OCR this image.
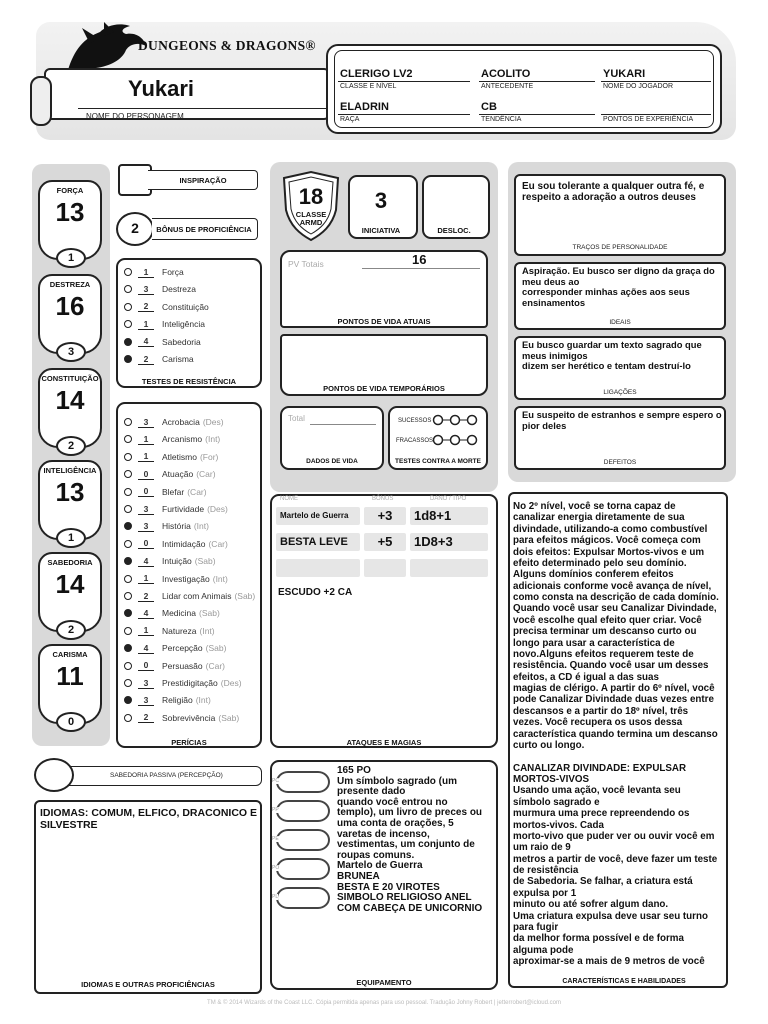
DUNGEONS & DRAGONS®
Yukari
NOME DO PERSONAGEM
CLERIGO LV2
CLASSE E NÍVEL
ACOLITO
ANTECEDENTE
YUKARI
NOME DO JOGADOR
ELADRIN
RAÇA
CB
TENDÊNCIA	PONTOS DE EXPERIÊNCIA
FORÇA
13
1
DESTREZA
16
3
CONSTITUIÇÃO
14
2
INTELIGÊNCIA
13
1
SABEDORIA
14
2
CARISMA
11
0
INSPIRAÇÃO
2	BÔNUS DE PROFICIÊNCIA
1	Força
3	Destreza
2	Constituição
1	Inteligência
4	Sabedoria
2	Carisma
TESTES DE RESISTÊNCIA
3	Acrobacia (Des)
1	Arcanismo (Int)
1	Atletismo (For)
0	Atuação (Car)
0	Blefar (Car)
3	Furtividade (Des)
3	História (Int)
0	Intimidação (Car)
4	Intuição (Sab)
1	Investigação (Int)
2	Lidar com Animais (Sab)
4	Medicina (Sab)
1	Natureza (Int)
4	Percepção (Sab)
0	Persuasão (Car)
3	Prestidigitação (Des)
3	Religião (Int)
2	Sobrevivência (Sab)
PERÍCIAS
SABEDORIA PASSIVA (PERCEPÇÃO)
IDIOMAS: COMUM, ELFICO, DRACONICO E SILVESTRE
IDIOMAS E OUTRAS PROFICIÊNCIAS
18
CLASSE ARMD
3
INICIATIVA	DESLOC.
PV Totais	16
PONTOS DE VIDA ATUAIS
PONTOS DE VIDA TEMPORÁRIOS
Total
DADOS DE VIDA
SUCESSOS
FRACASSOS
TESTES CONTRA A MORTE
NOME	BÔNUS	DANO / TIPO
Martelo de Guerra	+3	1d8+1
BESTA LEVE	+5	1D8+3
ESCUDO +2 CA
ATAQUES E MAGIAS
PC
PP
PE
PO
PL
165 PO
Um símbolo sagrado (um
presente dado
quando você entrou no
templo), um livro de preces ou
uma conta de orações, 5
varetas de incenso,
vestimentas, um conjunto de
roupas comuns.
Martelo de Guerra
BRUNEA
BESTA E 20 VIROTES
SIMBOLO RELIGIOSO ANEL
COM CABEÇA DE UNICORNIO
EQUIPAMENTO
Eu sou tolerante a qualquer outra fé, e respeito a adoração a outros deuses
TRAÇOS DE PERSONALIDADE
Aspiração. Eu busco ser digno da graça do meu deus ao
corresponder minhas ações aos seus ensinamentos
IDEAIS
Eu busco guardar um texto sagrado que meus inimigos
dizem ser herético e tentam destruí-lo
LIGAÇÕES
Eu suspeito de estranhos e sempre espero o pior deles
DEFEITOS
No 2º nível, você se torna capaz de
canalizar energia diretamente de sua
divindade, utilizando-a como combustível
para efeitos mágicos. Você começa com
dois efeitos: Expulsar Mortos-vivos e um
efeito determinado pelo seu domínio.
Alguns domínios conferem efeitos
adicionais conforme você avança de nível,
como consta na descrição de cada domínio.
Quando você usar seu Canalizar Divindade,
você escolhe qual efeito quer criar. Você
precisa terminar um descanso curto ou
longo para usar a característica de
novo.Alguns efeitos requerem teste de
resistência. Quando você usar um desses
efeitos, a CD é igual a das suas
magias de clérigo. A partir do 6º nível, você
pode Canalizar Divindade duas vezes entre
descansos e a partir do 18º nível, três
vezes. Você recupera os usos dessa
característica quando termina um descanso
curto ou longo.
CANALIZAR DIVINDADE: EXPULSAR
MORTOS-VIVOS
Usando uma ação, você levanta seu
símbolo sagrado e
murmura uma prece repreendendo os
mortos-vivos. Cada
morto-vivo que puder ver ou ouvir você em
um raio de 9
metros a partir de você, deve fazer um teste
de resistência
de Sabedoria. Se falhar, a criatura está
expulsa por 1
minuto ou até sofrer algum dano.
Uma criatura expulsa deve usar seu turno
para fugir
da melhor forma possível e de forma
alguma pode
aproximar-se a mais de 9 metros de você
CARACTERÍSTICAS E HABILIDADES
TM & © 2014 Wizards of the Coast LLC. Cópia permitida apenas para uso pessoal. Tradução Johny Robert | jetterrobert@icloud.com
